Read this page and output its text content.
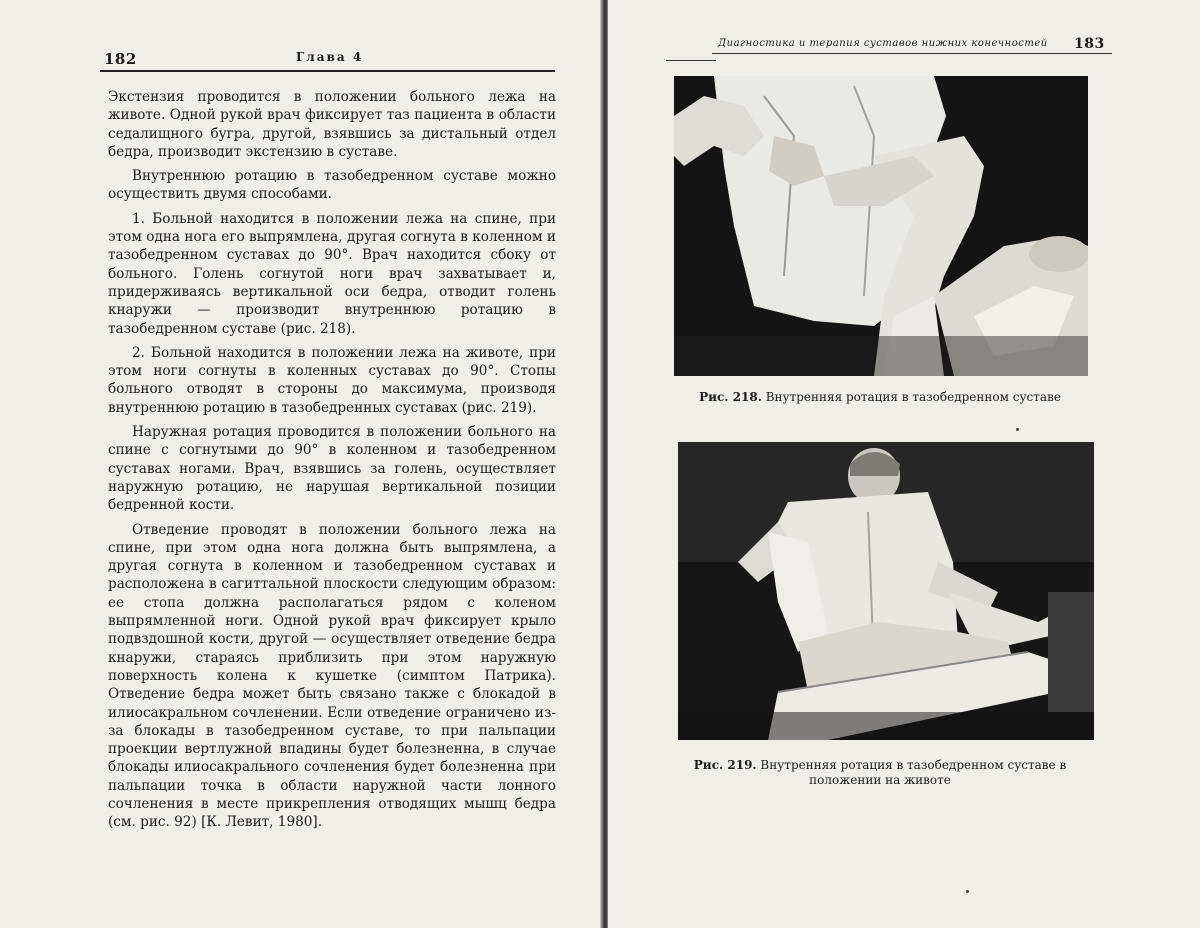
182	Глава 4

Экстензия проводится в положении больного лежа на животе. Одной рукой врач фиксирует таз пациента в области седалищного бугра, другой, взявшись за дистальный отдел бедра, производит экстензию в суставе.

Внутреннюю ротацию в тазобедренном суставе можно осуществить двумя способами.

1. Больной находится в положении лежа на спине, при этом одна нога его выпрямлена, другая согнута в коленном и тазобедренном суставах до 90°. Врач находится сбоку от больного. Голень согнутой ноги врач захватывает и, придерживаясь вертикальной оси бедра, отводит голень кнаружи — производит внутреннюю ротацию в тазобедренном суставе (рис. 218).

2. Больной находится в положении лежа на животе, при этом ноги согнуты в коленных суставах до 90°. Стопы больного отводят в стороны до максимума, производя внутреннюю ротацию в тазобедренных суставах (рис. 219).

Наружная ротация проводится в положении больного на спине с согнутыми до 90° в коленном и тазобедренном суставах ногами. Врач, взявшись за голень, осуществляет наружную ротацию, не нарушая вертикальной позиции бедренной кости.

Отведение проводят в положении больного лежа на спине, при этом одна нога должна быть выпрямлена, а другая согнута в коленном и тазобедренном суставах и расположена в сагиттальной плоскости следующим образом: ее стопа должна располагаться рядом с коленом выпрямленной ноги. Одной рукой врач фиксирует крыло подвздошной кости, другой — осуществляет отведение бедра кнаружи, стараясь приблизить при этом наружную поверхность колена к кушетке (симптом Патрика). Отведение бедра может быть связано также с блокадой в илиосакральном сочленении. Если отведение ограничено из-за блокады в тазобедренном суставе, то при пальпации проекции вертлужной впадины будет болезненна, в случае блокады илиосакрального сочленения будет болезненна при пальпации точка в области наружной части лонного сочленения в месте прикрепления отводящих мышц бедра (см. рис. 92) [К. Левит, 1980].

Диагностика и терапия суставов нижних конечностей 183
Рис. 218. Внутренняя ротация в тазобедренном суставе
Рис. 219. Внутренняя ротация в тазобедренном суставе в положении на животе
